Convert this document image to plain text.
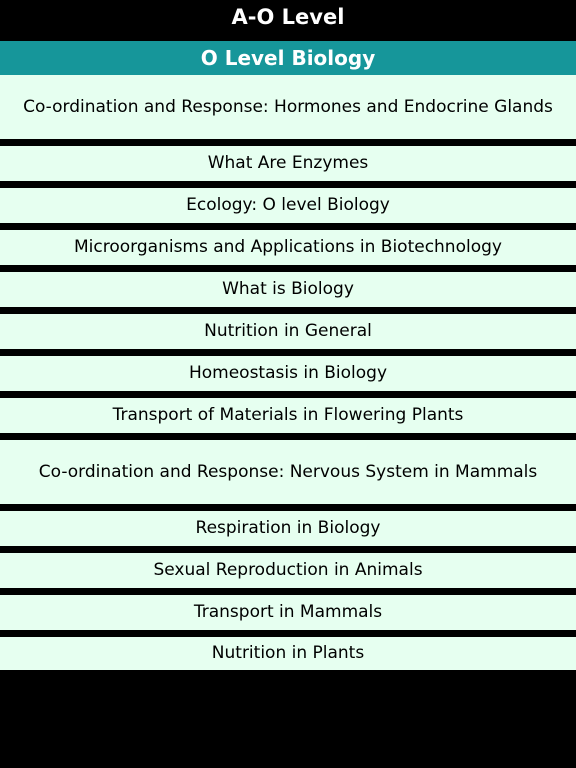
A-O Level
O Level Biology
Co-ordination and Response: Hormones and Endocrine Glands
What Are Enzymes
Ecology: O level Biology
Microorganisms and Applications in Biotechnology
What is Biology
Nutrition in General
Homeostasis in Biology
Transport of Materials in Flowering Plants
Co-ordination and Response: Nervous System in Mammals
Respiration in Biology
Sexual Reproduction in Animals
Transport in Mammals
Nutrition in Plants
